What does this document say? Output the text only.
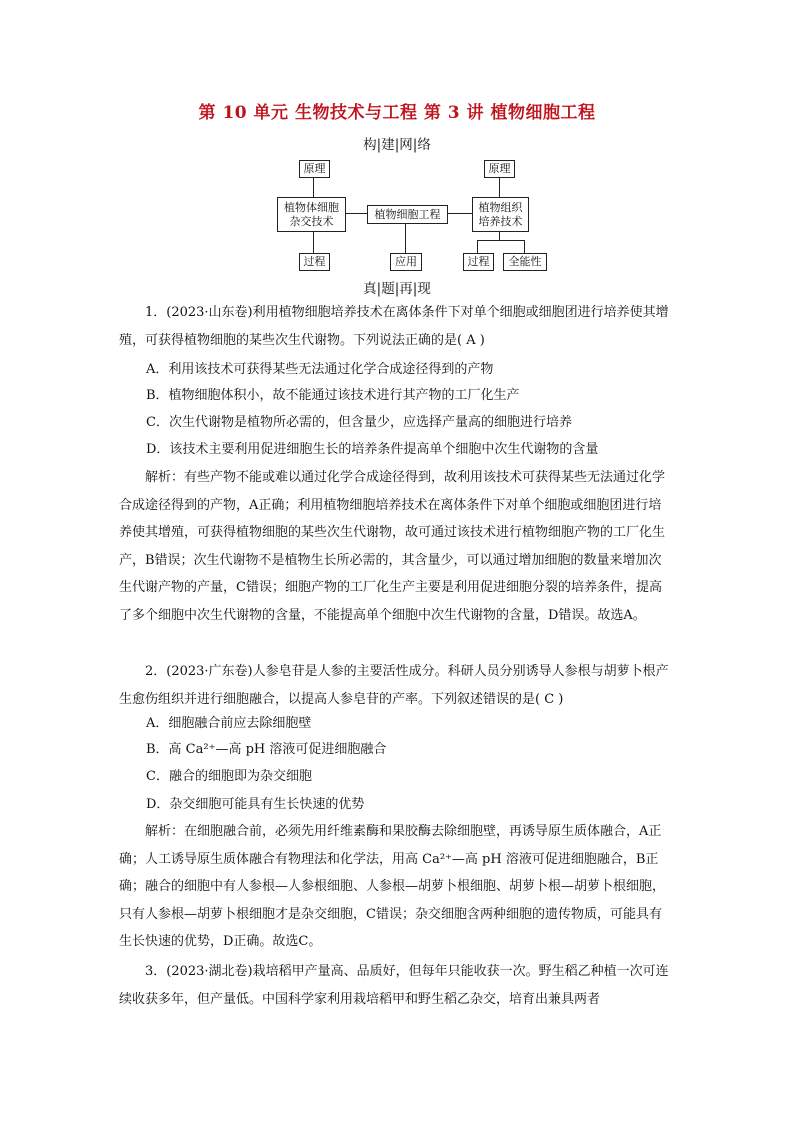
第 10 单元 生物技术与工程 第 3 讲 植物细胞工程
构|建|网|络
原理
植物体细胞
杂交技术
植物细胞工程
原理
植物组织
培养技术
过程	应用	过程	全能性
真|题|再|现
1．(2023·山东卷)利用植物细胞培养技术在离体条件下对单个细胞或细胞团进行培养使其增殖，可获得植物细胞的某些次生代谢物。下列说法正确的是( A )
A．利用该技术可获得某些无法通过化学合成途径得到的产物
B．植物细胞体积小，故不能通过该技术进行其产物的工厂化生产
C．次生代谢物是植物所必需的，但含量少，应选择产量高的细胞进行培养
D．该技术主要利用促进细胞生长的培养条件提高单个细胞中次生代谢物的含量
解析：有些产物不能或难以通过化学合成途径得到，故利用该技术可获得某些无法通过化学合成途径得到的产物，A正确；利用植物细胞培养技术在离体条件下对单个细胞或细胞团进行培养使其增殖，可获得植物细胞的某些次生代谢物，故可通过该技术进行植物细胞产物的工厂化生产，B错误；次生代谢物不是植物生长所必需的，其含量少，可以通过增加细胞的数量来增加次生代谢产物的产量，C错误；细胞产物的工厂化生产主要是利用促进细胞分裂的培养条件，提高了多个细胞中次生代谢物的含量，不能提高单个细胞中次生代谢物的含量，D错误。故选A。
2．(2023·广东卷)人参皂苷是人参的主要活性成分。科研人员分别诱导人参根与胡萝卜根产生愈伤组织并进行细胞融合，以提高人参皂苷的产率。下列叙述错误的是( C )
A．细胞融合前应去除细胞壁
B．高 Ca²⁺—高 pH 溶液可促进细胞融合
C．融合的细胞即为杂交细胞
D．杂交细胞可能具有生长快速的优势
解析：在细胞融合前，必须先用纤维素酶和果胶酶去除细胞壁，再诱导原生质体融合，A正确；人工诱导原生质体融合有物理法和化学法，用高 Ca²⁺—高 pH 溶液可促进细胞融合，B正确；融合的细胞中有人参根—人参根细胞、人参根—胡萝卜根细胞、胡萝卜根—胡萝卜根细胞，只有人参根—胡萝卜根细胞才是杂交细胞，C错误；杂交细胞含两种细胞的遗传物质，可能具有生长快速的优势，D正确。故选C。
3．(2023·湖北卷)栽培稻甲产量高、品质好，但每年只能收获一次。野生稻乙种植一次可连续收获多年，但产量低。中国科学家利用栽培稻甲和野生稻乙杂交，培育出兼具两者
